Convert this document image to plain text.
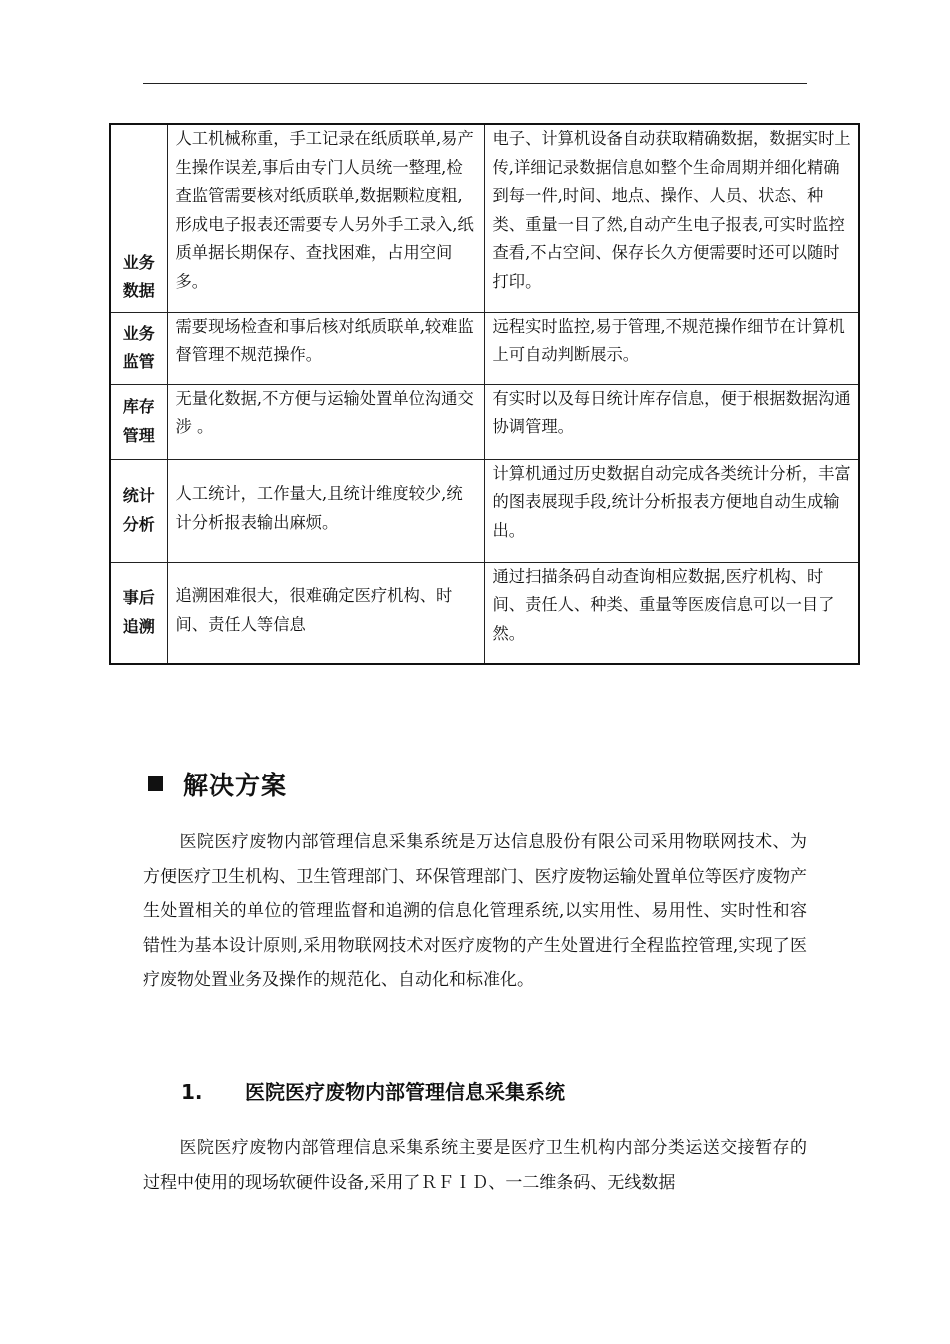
业务
数据	人工机械称重，手工记录在纸质联单,易产生操作误差,事后由专门人员统一整理,检查监管需要核对纸质联单,数据颗粒度粗,形成电子报表还需要专人另外手工录入,纸质单据长期保存、查找困难，占用空间多。	电子、计算机设备自动获取精确数据，数据实时上传,详细记录数据信息如整个生命周期并细化精确到每一件,时间、地点、操作、人员、状态、种类、重量一目了然,自动产生电子报表,可实时监控查看,不占空间、保存长久方便需要时还可以随时打印。

业务
监管	需要现场检查和事后核对纸质联单,较难监督管理不规范操作。	远程实时监控,易于管理,不规范操作细节在计算机上可自动判断展示。

库存
管理	无量化数据,不方便与运输处置单位沟通交涉 。	有实时以及每日统计库存信息，便于根据数据沟通协调管理。

统计
分析	人工统计，工作量大,且统计维度较少,统计分析报表输出麻烦。	计算机通过历史数据自动完成各类统计分析，丰富的图表展现手段,统计分析报表方便地自动生成输出。

事后
追溯	追溯困难很大，很难确定医疗机构、时间、责任人等信息	通过扫描条码自动查询相应数据,医疗机构、时间、责任人、种类、重量等医废信息可以一目了然。
解决方案
医院医疗废物内部管理信息采集系统是万达信息股份有限公司采用物联网技术、为方便医疗卫生机构、卫生管理部门、环保管理部门、医疗废物运输处置单位等医疗废物产生处置相关的单位的管理监督和追溯的信息化管理系统,以实用性、易用性、实时性和容错性为基本设计原则,采用物联网技术对医疗废物的产生处置进行全程监控管理,实现了医疗废物处置业务及操作的规范化、自动化和标准化。
1. 医院医疗废物内部管理信息采集系统
医院医疗废物内部管理信息采集系统主要是医疗卫生机构内部分类运送交接暂存的过程中使用的现场软硬件设备,采用了ＲＦＩＤ、一二维条码、无线数据
